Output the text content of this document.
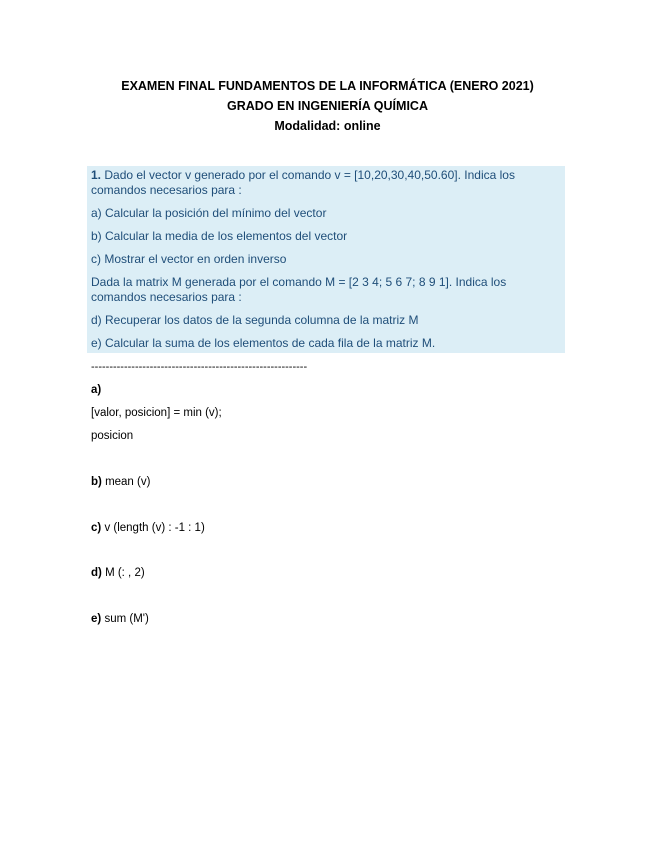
EXAMEN FINAL FUNDAMENTOS DE LA INFORMÁTICA (ENERO 2021)
GRADO EN INGENIERÍA QUÍMICA
Modalidad: online

1. Dado el vector v generado por el comando v = [10,20,30,40,50.60]. Indica los comandos necesarios para :

a) Calcular la posición del mínimo del vector

b) Calcular la media de los elementos del vector

c) Mostrar el vector en orden inverso

Dada la matrix M generada por el comando M = [2 3 4; 5 6 7; 8 9 1]. Indica los comandos necesarios para :

d) Recuperar los datos de la segunda columna de la matriz M

e) Calcular la suma de los elementos de cada fila de la matriz M.

-----------------------------------------------------------
a)
[valor, posicion] = min (v);
posicion
b) mean (v)
c) v (length (v) : -1 : 1)
d) M (: , 2)
e) sum (M')
